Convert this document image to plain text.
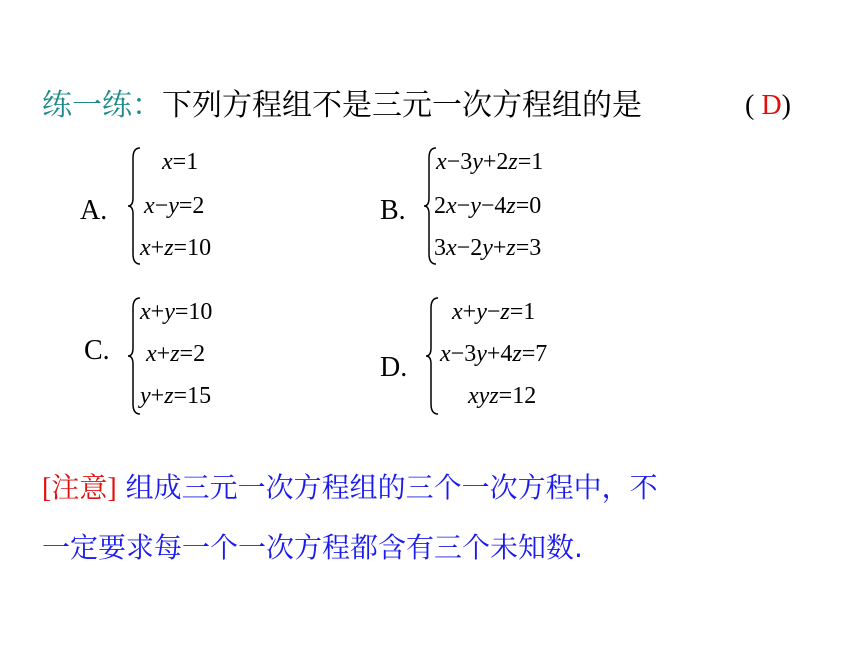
练一练：下列方程组不是三元一次方程组的是	( D)
A.
x=1
x−y=2
x+z=10
B.
x−3y+2z=1
2x−y−4z=0
3x−2y+z=3
C.
x+y=10
x+z=2
y+z=15
D.
x+y−z=1
x−3y+4z=7
xyz=12
[注意] 组成三元一次方程组的三个一次方程中，不
一定要求每一个一次方程都含有三个未知数.
